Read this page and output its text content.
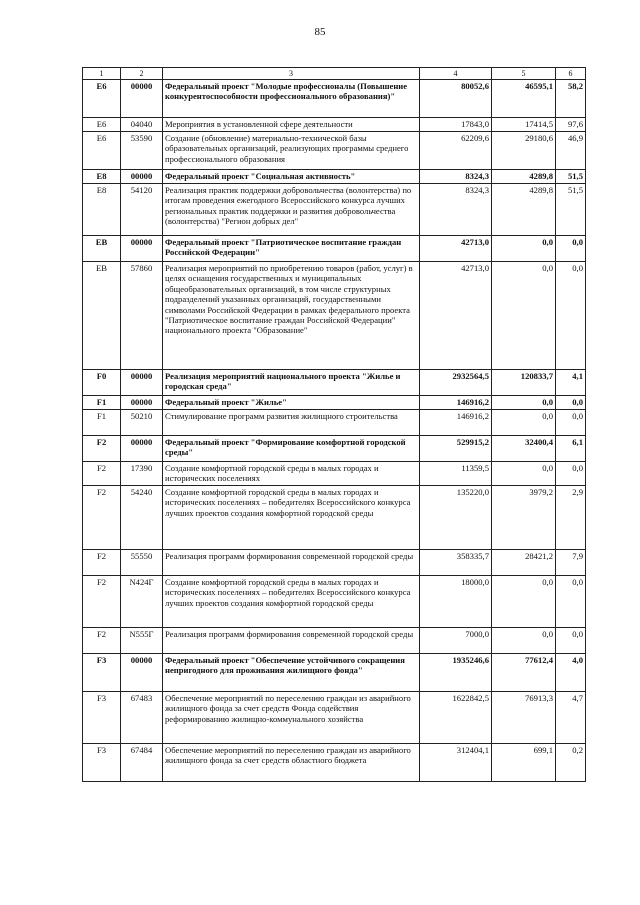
85
1	2	3	4	5	6
E6	00000	Федеральный проект "Молодые профессионалы (Повышение конкурентоспособности профессионального образования)"	80052,6	46595,1	58,2
E6	04040	Мероприятия в установленной сфере деятельности	17843,0	17414,5	97,6
E6	53590	Создание (обновление) материально-технической базы образовательных организаций, реализующих программы среднего профессионального образования	62209,6	29180,6	46,9
E8	00000	Федеральный проект "Социальная активность"	8324,3	4289,8	51,5
E8	54120	Реализация практик поддержки добровольчества (волонтерства) по итогам проведения ежегодного Всероссийского конкурса лучших региональных практик поддержки и развития добровольчества (волонтерства) "Регион добрых дел"	8324,3	4289,8	51,5
EB	00000	Федеральный проект "Патриотическое воспитание граждан Российской Федерации"	42713,0	0,0	0,0
EB	57860	Реализация мероприятий по приобретению товаров (работ, услуг) в целях оснащения государственных и муниципальных общеобразовательных организаций, в том числе структурных подразделений указанных организаций, государственными символами Российской Федерации в рамках федерального проекта "Патриотическое воспитание граждан Российской Федерации" национального проекта "Образование"	42713,0	0,0	0,0
F0	00000	Реализация мероприятий национального проекта "Жилье и городская среда"	2932564,5	120833,7	4,1
F1	00000	Федеральный проект "Жилье"	146916,2	0,0	0,0
F1	50210	Стимулирование программ развития жилищного строительства	146916,2	0,0	0,0
F2	00000	Федеральный проект "Формирование комфортной городской среды"	529915,2	32400,4	6,1
F2	17390	Создание комфортной городской среды в малых городах и исторических поселениях	11359,5	0,0	0,0
F2	54240	Создание комфортной городской среды в малых городах и исторических поселениях – победителях Всероссийского конкурса лучших проектов создания комфортной городской среды	135220,0	3979,2	2,9
F2	55550	Реализация программ формирования современной городской среды	358335,7	28421,2	7,9
F2	N424Г	Создание комфортной городской среды в малых городах и исторических поселениях – победителях Всероссийского конкурса лучших проектов создания комфортной городской среды	18000,0	0,0	0,0
F2	N555Г	Реализация программ формирования современной городской среды	7000,0	0,0	0,0
F3	00000	Федеральный проект "Обеспечение устойчивого сокращения непригодного для проживания жилищного фонда"	1935246,6	77612,4	4,0
F3	67483	Обеспечение мероприятий по переселению граждан из аварийного жилищного фонда за счет средств Фонда содействия реформированию жилищно-коммунального хозяйства	1622842,5	76913,3	4,7
F3	67484	Обеспечение мероприятий по переселению граждан из аварийного жилищного фонда за счет средств областного бюджета	312404,1	699,1	0,2
